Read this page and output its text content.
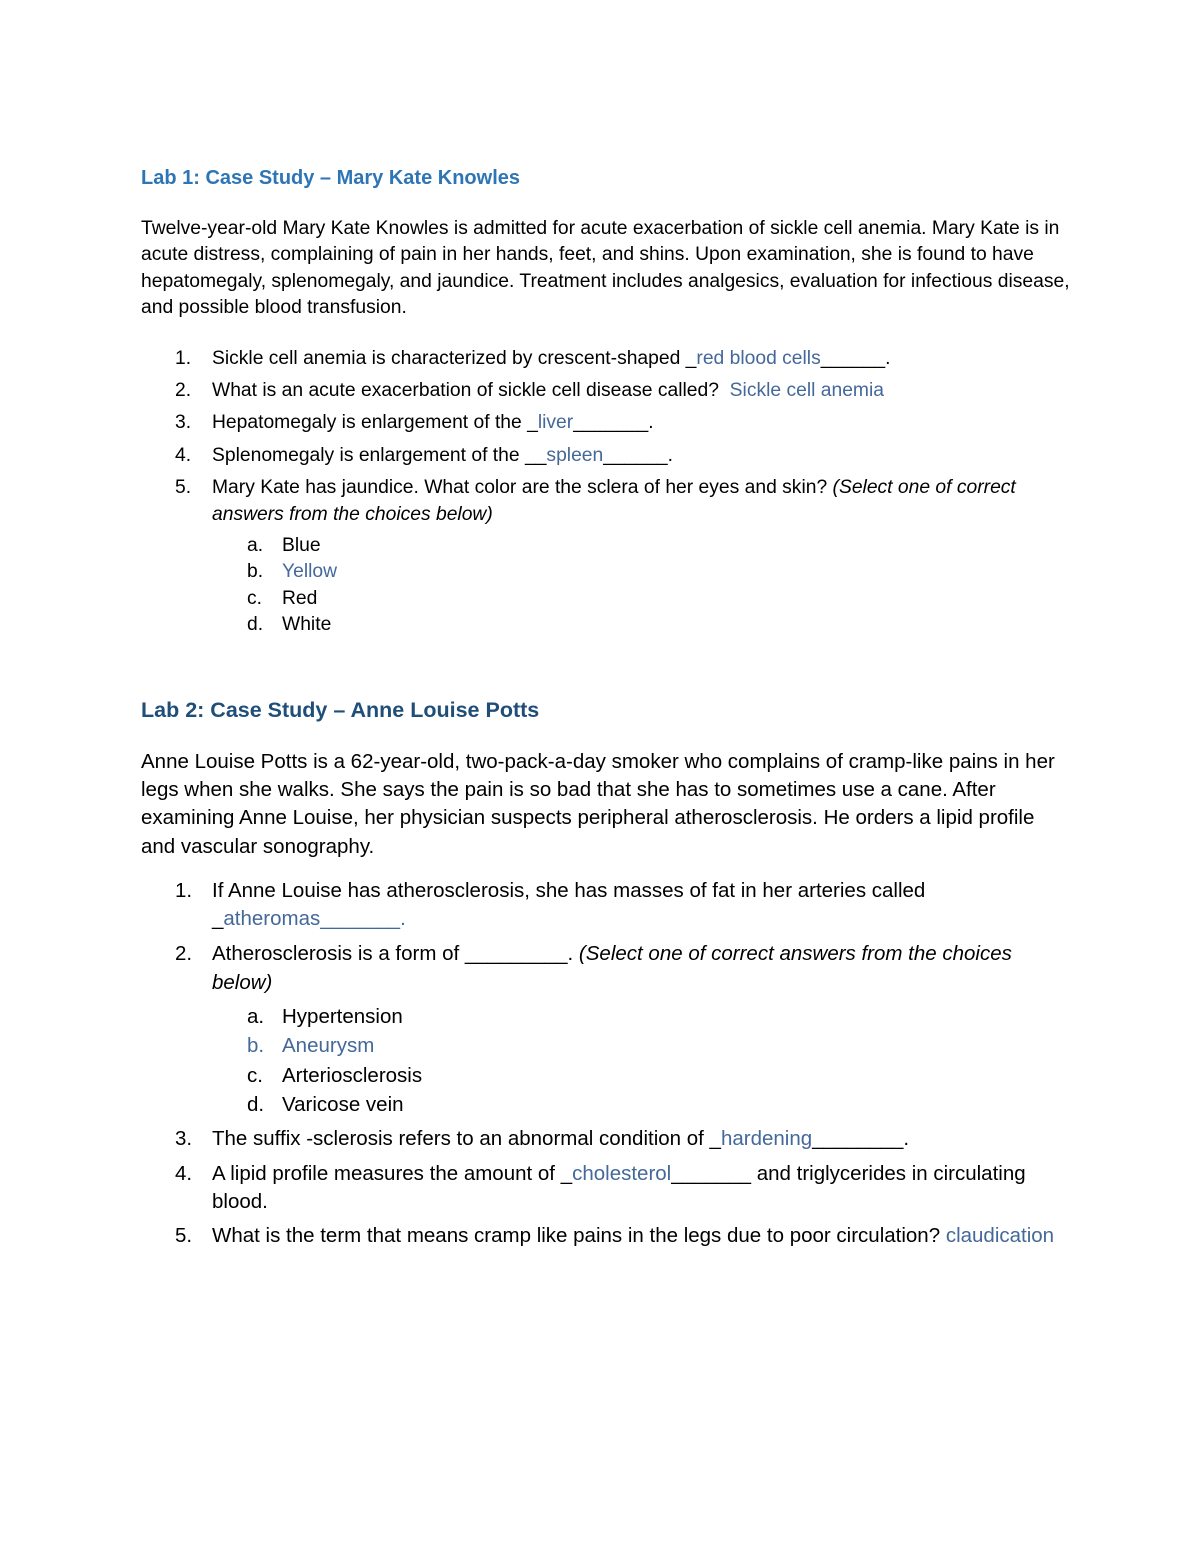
Lab 1: Case Study – Mary Kate Knowles

Twelve-year-old Mary Kate Knowles is admitted for acute exacerbation of sickle cell anemia. Mary Kate is in acute distress, complaining of pain in her hands, feet, and shins. Upon examination, she is found to have hepatomegaly, splenomegaly, and jaundice. Treatment includes analgesics, evaluation for infectious disease, and possible blood transfusion.

1. Sickle cell anemia is characterized by crescent-shaped _red blood cells______.
2. What is an acute exacerbation of sickle cell disease called?  Sickle cell anemia
3. Hepatomegaly is enlargement of the _liver_______.
4. Splenomegaly is enlargement of the __spleen______.
5. Mary Kate has jaundice. What color are the sclera of her eyes and skin? (Select one of correct answers from the choices below)
a. Blue
b. Yellow
c. Red
d. White
Lab 2: Case Study – Anne Louise Potts

Anne Louise Potts is a 62-year-old, two-pack-a-day smoker who complains of cramp-like pains in her legs when she walks. She says the pain is so bad that she has to sometimes use a cane. After examining Anne Louise, her physician suspects peripheral atherosclerosis. He orders a lipid profile and vascular sonography.

1. If Anne Louise has atherosclerosis, she has masses of fat in her arteries called _atheromas_______.
2. Atherosclerosis is a form of _________. (Select one of correct answers from the choices below)
a. Hypertension
b. Aneurysm
c. Arteriosclerosis
d. Varicose vein
3. The suffix -sclerosis refers to an abnormal condition of _hardening________.
4. A lipid profile measures the amount of _cholesterol_______ and triglycerides in circulating blood.
5. What is the term that means cramp like pains in the legs due to poor circulation? claudication
